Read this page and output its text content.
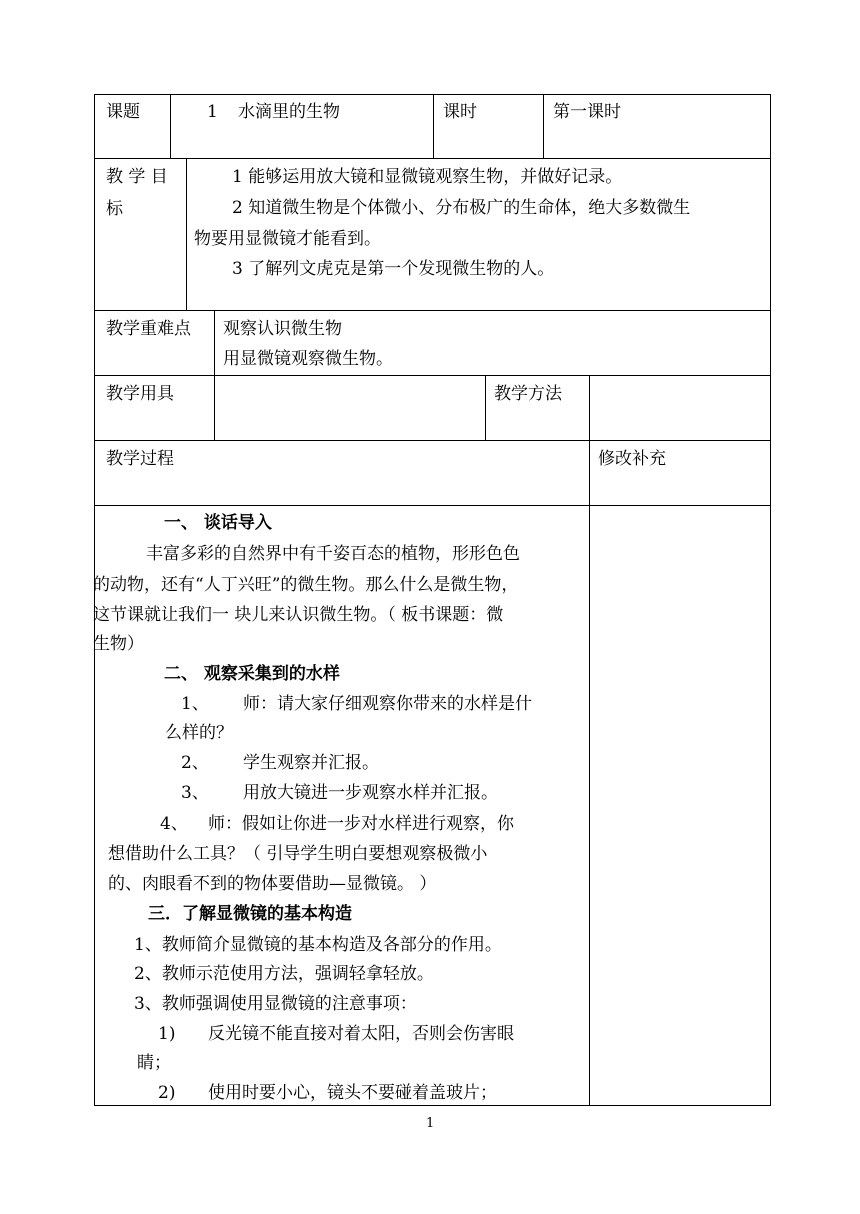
课题	1 水滴里的生物	课时	第一课时
教 学 目
标
1 能够运用放大镜和显微镜观察生物，并做好记录。
2 知道微生物是个体微小、分布极广的生命体，绝大多数微生
物要用显微镜才能看到。
3 了解列文虎克是第一个发现微生物的人。
教学重难点 观察认识微生物
用显微镜观察微生物。
教学用具	教学方法
教学过程	修改补充
一、 谈话导入
丰富多彩的自然界中有千姿百态的植物，形形色色
的动物，还有“人丁兴旺”的微生物。那么什么是微生物，
这节课就让我们一 块儿来认识微生物。（ 板书课题：微
生物）
二、 观察采集到的水样
1、 师：请大家仔细观察你带来的水样是什
么样的？
2、 学生观察并汇报。
3、 用放大镜进一步观察水样并汇报。
4、 师：假如让你进一步对水样进行观察，你
想借助什么工具？（ 引导学生明白要想观察极微小
的、肉眼看不到的物体要借助—显微镜。 ）
三．了解显微镜的基本构造
1、教师简介显微镜的基本构造及各部分的作用。
2、教师示范使用方法，强调轻拿轻放。
3、教师强调使用显微镜的注意事项：
1) 反光镜不能直接对着太阳，否则会伤害眼
睛；
2) 使用时要小心，镜头不要碰着盖玻片；
1
